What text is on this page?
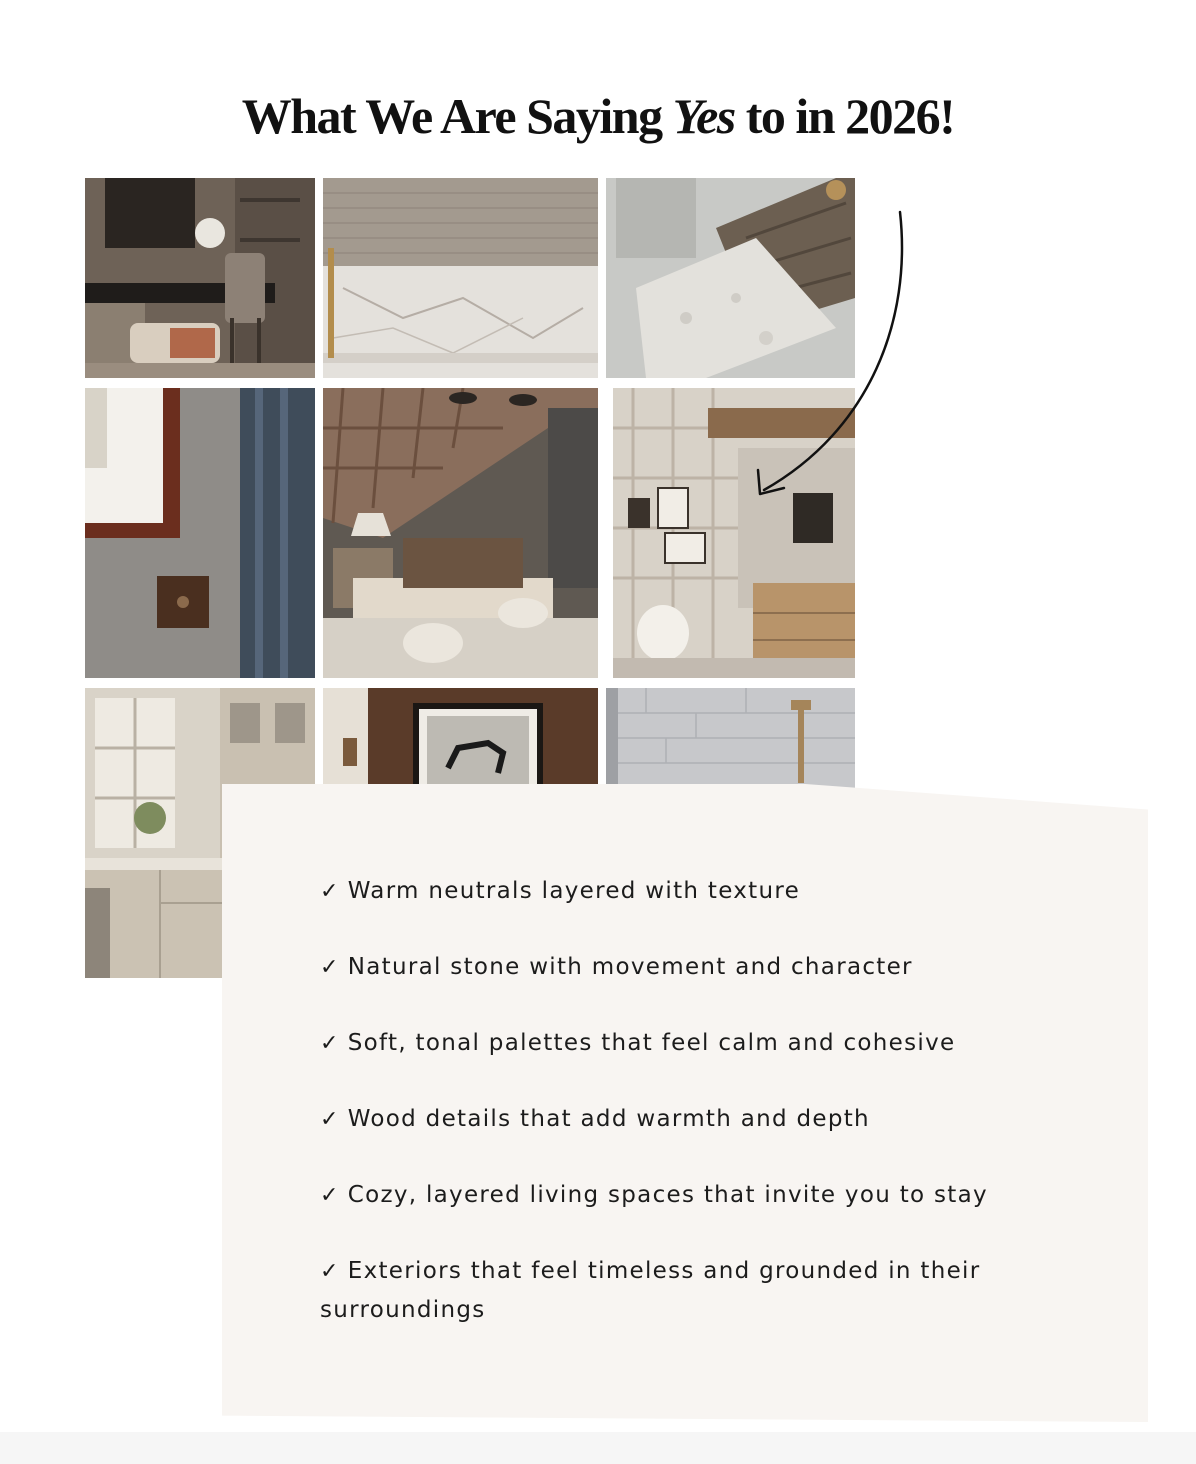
What We Are Saying Yes to in 2026!
✓ Warm neutrals layered with texture
✓ Natural stone with movement and character
✓ Soft, tonal palettes that feel calm and cohesive
✓ Wood details that add warmth and depth
✓ Cozy, layered living spaces that invite you to stay
✓ Exteriors that feel timeless and grounded in their surroundings
